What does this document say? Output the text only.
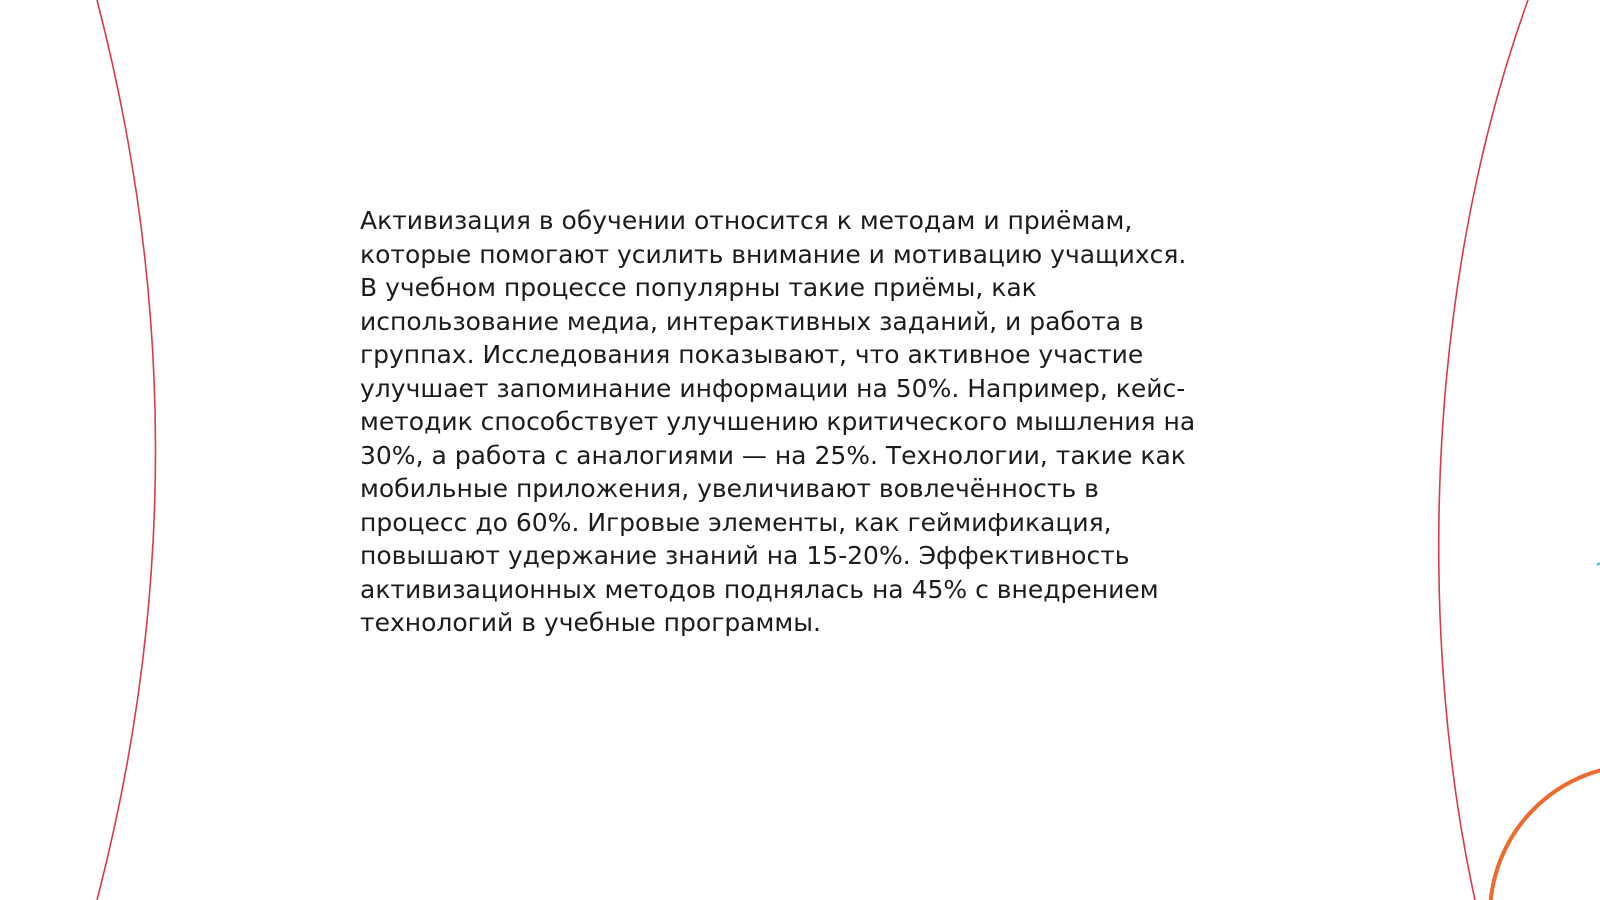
Активизация в обучении относится к методам и приёмам,
которые помогают усилить внимание и мотивацию учащихся.
В учебном процессе популярны такие приёмы, как
использование медиа, интерактивных заданий, и работа в
группах. Исследования показывают, что активное участие
улучшает запоминание информации на 50%. Например, кейс-
методик способствует улучшению критического мышления на
30%, а работа с аналогиями — на 25%. Технологии, такие как
мобильные приложения, увеличивают вовлечённость в
процесс до 60%. Игровые элементы, как геймификация,
повышают удержание знаний на 15-20%. Эффективность
активизационных методов поднялась на 45% с внедрением
технологий в учебные программы.
